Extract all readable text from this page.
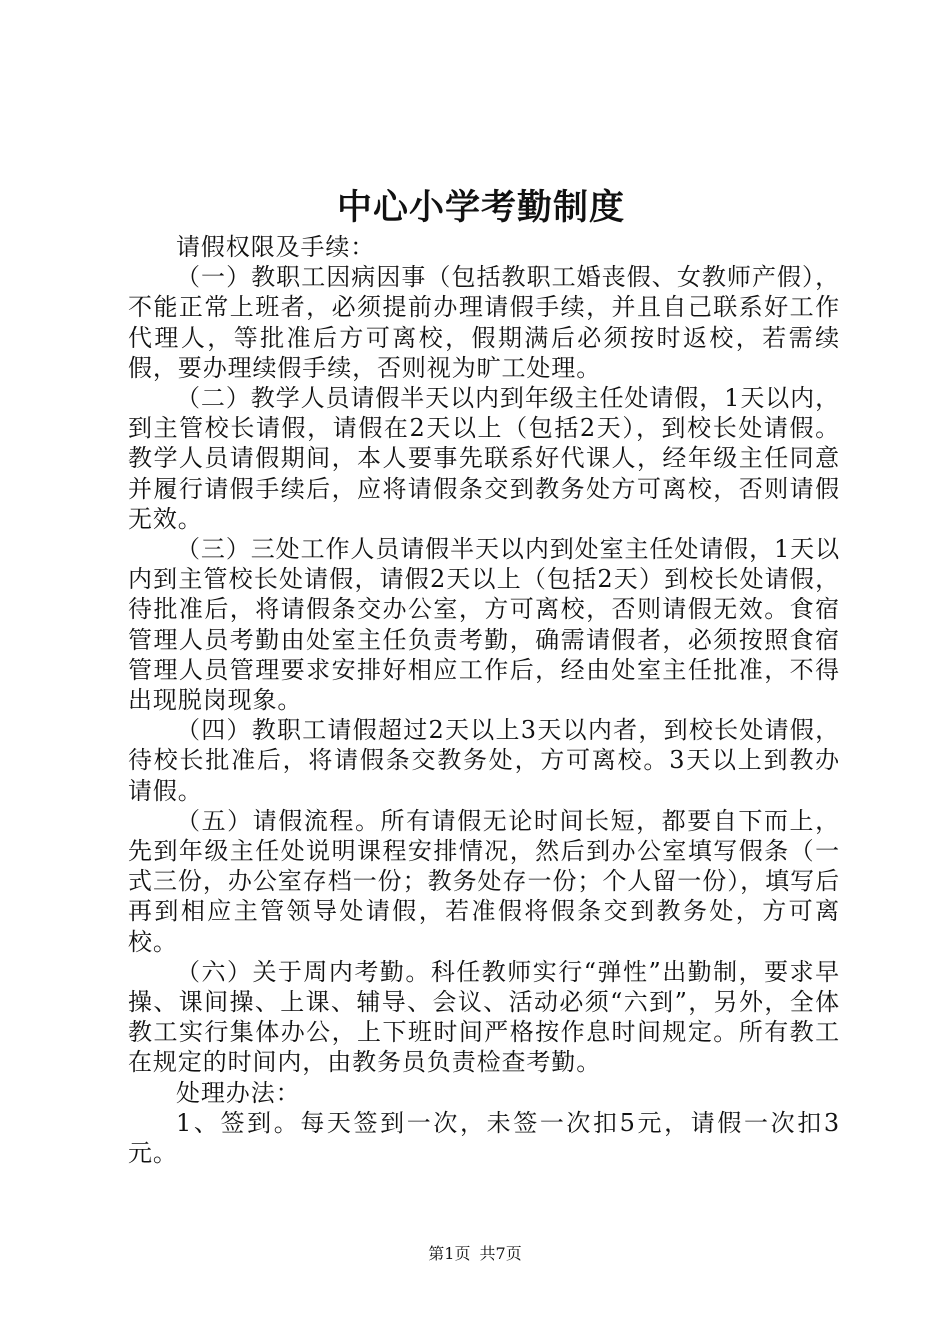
中心小学考勤制度

请假权限及手续：

（一）教职工因病因事（包括教职工婚丧假、女教师产假），不能正常上班者，必须提前办理请假手续，并且自己联系好工作代理人，等批准后方可离校，假期满后必须按时返校，若需续假，要办理续假手续，否则视为旷工处理。

（二）教学人员请假半天以内到年级主任处请假，1天以内，到主管校长请假，请假在2天以上（包括2天），到校长处请假。教学人员请假期间，本人要事先联系好代课人，经年级主任同意并履行请假手续后，应将请假条交到教务处方可离校，否则请假无效。

（三）三处工作人员请假半天以内到处室主任处请假，1天以内到主管校长处请假，请假2天以上（包括2天）到校长处请假，待批准后，将请假条交办公室，方可离校，否则请假无效。食宿管理人员考勤由处室主任负责考勤，确需请假者，必须按照食宿管理人员管理要求安排好相应工作后，经由处室主任批准，不得出现脱岗现象。

（四）教职工请假超过2天以上3天以内者，到校长处请假，待校长批准后，将请假条交教务处，方可离校。3天以上到教办请假。

（五）请假流程。所有请假无论时间长短，都要自下而上，先到年级主任处说明课程安排情况，然后到办公室填写假条（一式三份，办公室存档一份；教务处存一份；个人留一份），填写后再到相应主管领导处请假，若准假将假条交到教务处，方可离校。

（六）关于周内考勤。科任教师实行“弹性”出勤制，要求早操、课间操、上课、辅导、会议、活动必须“六到”，另外，全体教工实行集体办公，上下班时间严格按作息时间规定。所有教工在规定的时间内，由教务员负责检查考勤。

处理办法：

1、签到。每天签到一次，未签一次扣5元，请假一次扣3元。

第1页 共7页
